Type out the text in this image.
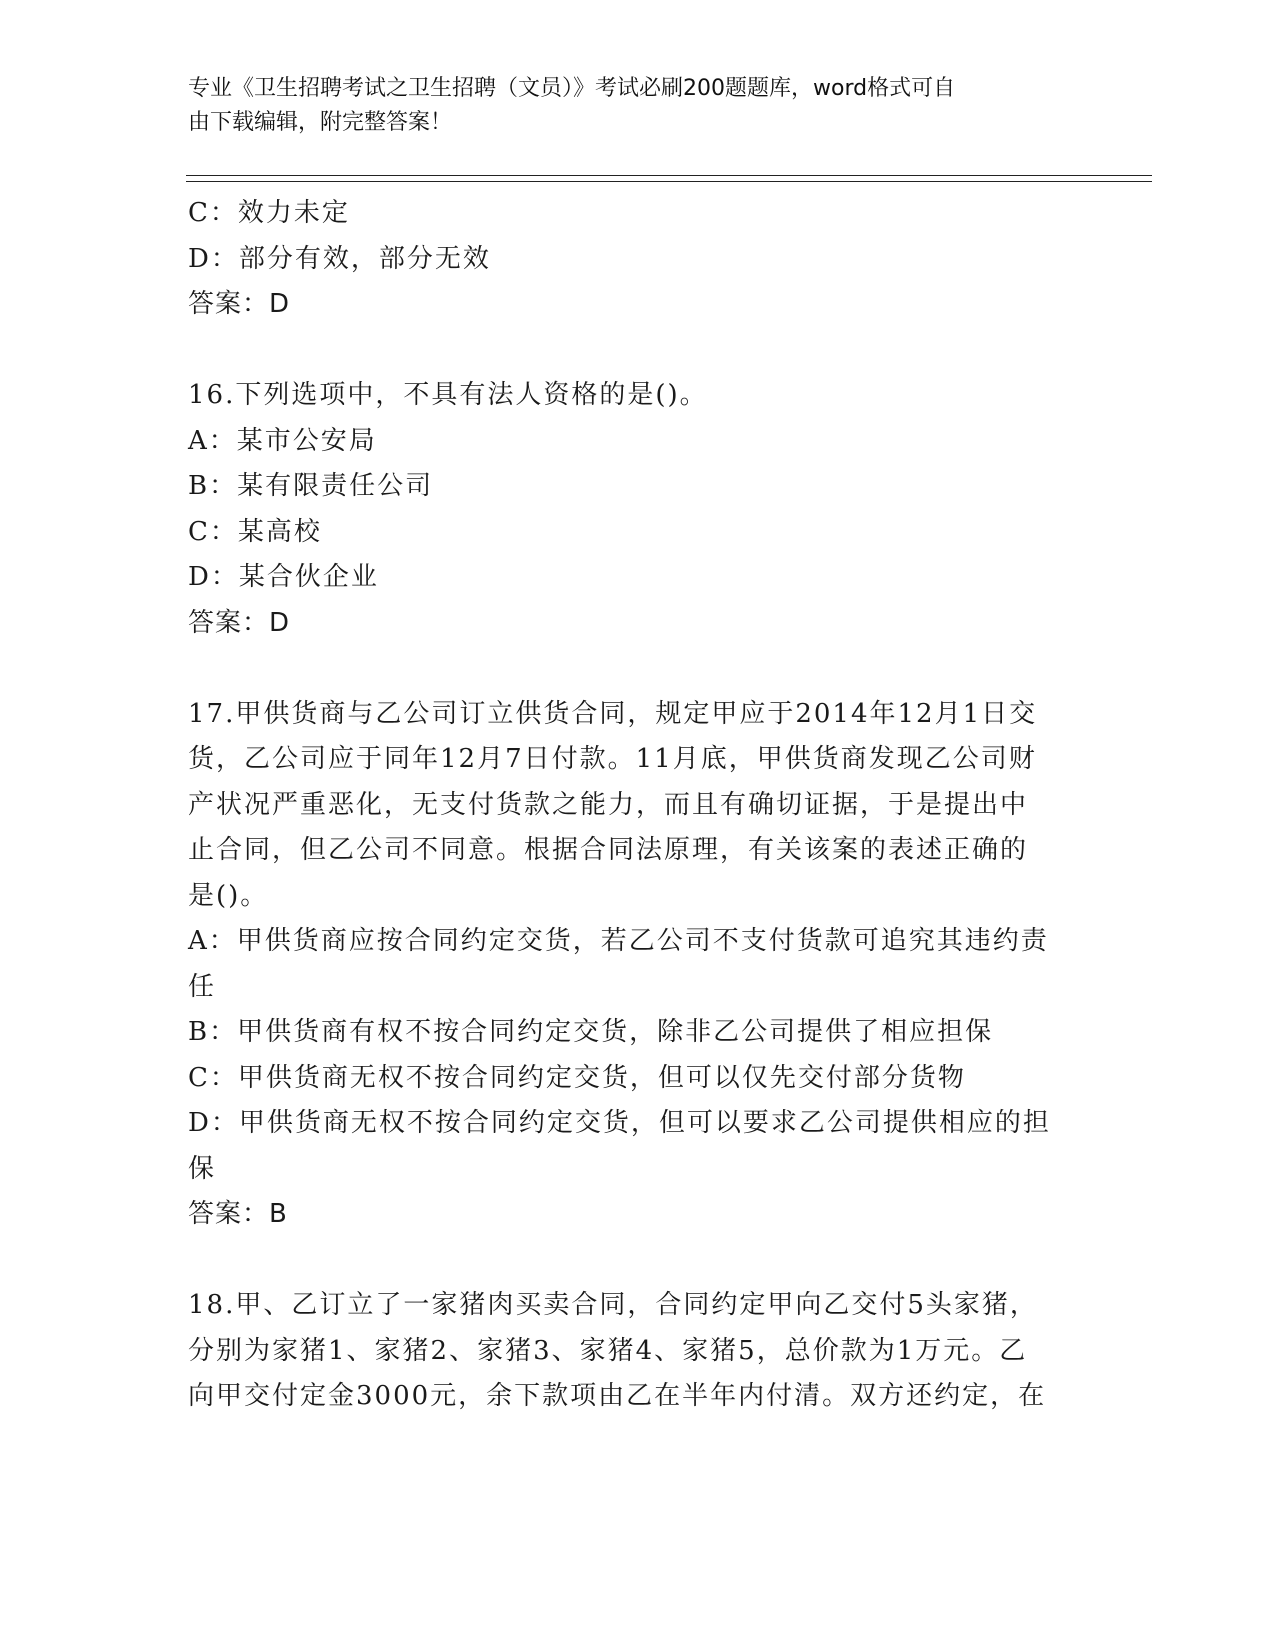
专业《卫生招聘考试之卫生招聘（文员）》考试必刷200题题库，word格式可自
由下载编辑，附完整答案！
C：效力未定
D：部分有效，部分无效
答案：D
16.下列选项中，不具有法人资格的是()。
A：某市公安局
B：某有限责任公司
C：某高校
D：某合伙企业
答案：D
17.甲供货商与乙公司订立供货合同，规定甲应于2014年12月1日交
货，乙公司应于同年12月7日付款。11月底，甲供货商发现乙公司财
产状况严重恶化，无支付货款之能力，而且有确切证据，于是提出中
止合同，但乙公司不同意。根据合同法原理，有关该案的表述正确的
是()。
A：甲供货商应按合同约定交货，若乙公司不支付货款可追究其违约责
任
B：甲供货商有权不按合同约定交货，除非乙公司提供了相应担保
C：甲供货商无权不按合同约定交货，但可以仅先交付部分货物
D：甲供货商无权不按合同约定交货，但可以要求乙公司提供相应的担
保
答案：B
18.甲、乙订立了一家猪肉买卖合同，合同约定甲向乙交付5头家猪，
分别为家猪1、家猪2、家猪3、家猪4、家猪5，总价款为1万元。乙
向甲交付定金3000元，余下款项由乙在半年内付清。双方还约定，在
